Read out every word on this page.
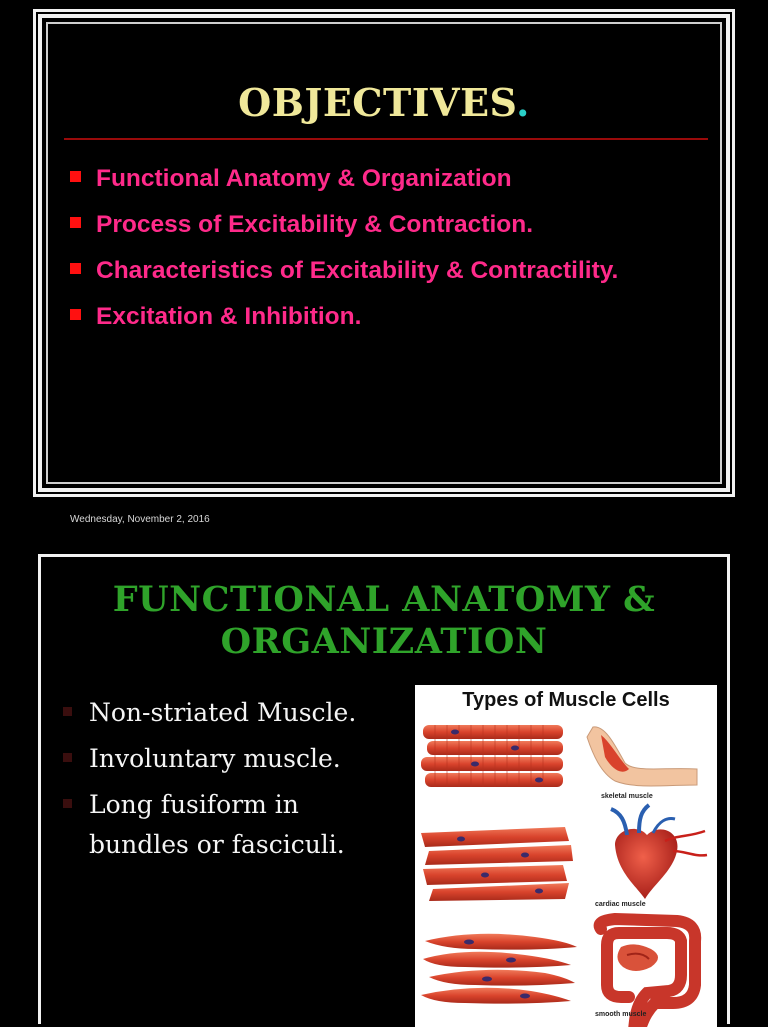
OBJECTIVES.
Functional Anatomy & Organization
Process of Excitability & Contraction.
Characteristics of Excitability & Contractility.
Excitation & Inhibition.
Wednesday, November 2, 2016
FUNCTIONAL ANATOMY &
ORGANIZATION
Non-striated Muscle.
Involuntary muscle.
Long fusiform in bundles or fasciculi.
Types of Muscle Cells
skeletal muscle
cardiac muscle
smooth muscle
